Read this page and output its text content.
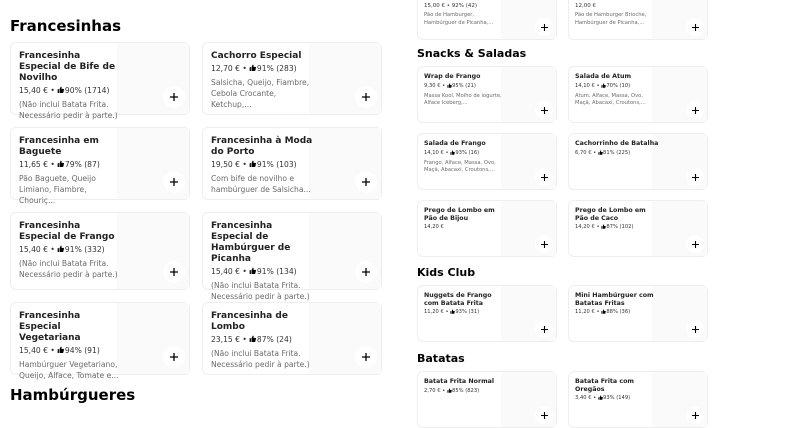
Francesinhas
Hambúrgueres
Snacks & Saladas
Kids Club
Batatas
Francesinha Especial de Bife de Novilho
15,40 € • 90% (1714)
(Não inclui Batata Frita. Necessário pedir à parte.)
Cachorro Especial
12,70 € • 91% (283)
Salsicha, Queijo, Fiambre, Cebola Crocante, Ketchup,...
Francesinha em Baguete
11,65 € • 79% (87)
Pão Baguete, Queijo Limiano, Fiambre, Chouriç...
Francesinha à Moda do Porto
19,50 € • 91% (103)
Com bife de novilho e hambúrguer de Salsicha...
Francesinha Especial de Frango
15,40 € • 91% (332)
(Não inclui Batata Frita. Necessário pedir à parte.)
Francesinha Especial de Hambúrguer de Picanha
15,40 € • 91% (134)
(Não inclui Batata Frita. Necessário pedir à parte.)
Francesinha Especial Vegetariana
15,40 € • 94% (91)
Hambúrguer Vegetariano, Queijo, Alface, Tomate e...
Francesinha de Lombo
23,15 € • 87% (24)
(Não inclui Batata Frita. Necessário pedir à parte.)
15,00 € • 92% (42)
Pão de Hamburger, Hambúrguer de Picanha,...
12,00 €
Pão de Hamburger Brioche, Hambúrguer de Picanha,...
Wrap de Frango
9,30 € • 95% (21)
Massa Kool, Molho de iogurte, Alface Iceberg,...
Salada de Atum
14,10 € • 70% (10)
Atum, Alface, Massa, Ovo, Maçã, Abacaxi, Croutons,...
Salada de Frango
14,10 € • 93% (16)
Frango, Alface, Massa, Ovo, Maçã, Abacaxi, Croutons,...
Cachorrinho de Batalha
6,70 € • 81% (225)
Prego de Lombo em Pão de Bijou
14,20 €
Prego de Lombo em Pão de Caco
14,20 € • 87% (102)
Nuggets de Frango com Batata Frita
11,20 € • 93% (31)
Mini Hambúrguer com Batatas Fritas
11,20 € • 88% (36)
Batata Frita Normal
2,70 € • 85% (823)
Batata Frita com Oregãos
3,40 € • 93% (149)
